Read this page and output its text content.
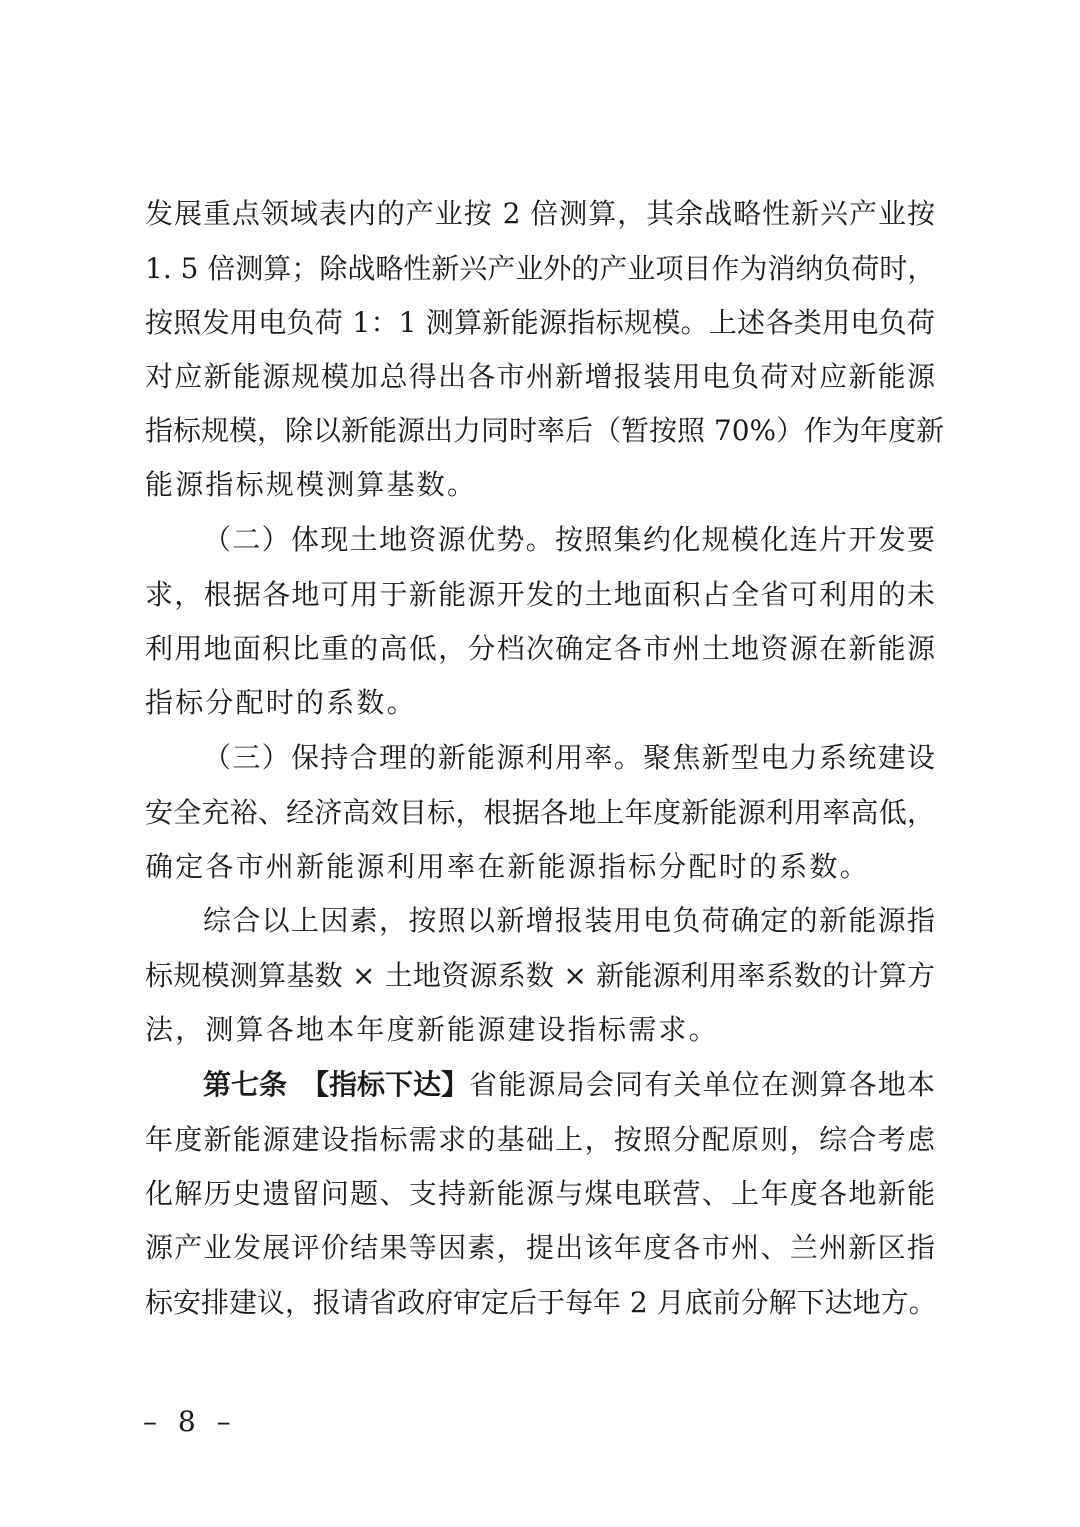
发展重点领域表内的产业按 2 倍测算，其余战略性新兴产业按
1. 5 倍测算；除战略性新兴产业外的产业项目作为消纳负荷时，
按照发用电负荷 1：1 测算新能源指标规模。上述各类用电负荷
对应新能源规模加总得出各市州新增报装用电负荷对应新能源
指标规模，除以新能源出力同时率后（暂按照 70%）作为年度新
能源指标规模测算基数。
（二）体现土地资源优势。按照集约化规模化连片开发要
求，根据各地可用于新能源开发的土地面积占全省可利用的未
利用地面积比重的高低，分档次确定各市州土地资源在新能源
指标分配时的系数。
（三）保持合理的新能源利用率。聚焦新型电力系统建设
安全充裕、经济高效目标，根据各地上年度新能源利用率高低，
确定各市州新能源利用率在新能源指标分配时的系数。
综合以上因素，按照以新增报装用电负荷确定的新能源指
标规模测算基数 × 土地资源系数 × 新能源利用率系数的计算方
法，测算各地本年度新能源建设指标需求。
第七条 【指标下达】 省能源局会同有关单位在测算各地本
年度新能源建设指标需求的基础上，按照分配原则，综合考虑
化解历史遗留问题、支持新能源与煤电联营、上年度各地新能
源产业发展评价结果等因素，提出该年度各市州、兰州新区指
标安排建议，报请省政府审定后于每年 2 月底前分解下达地方。
– 8 –
